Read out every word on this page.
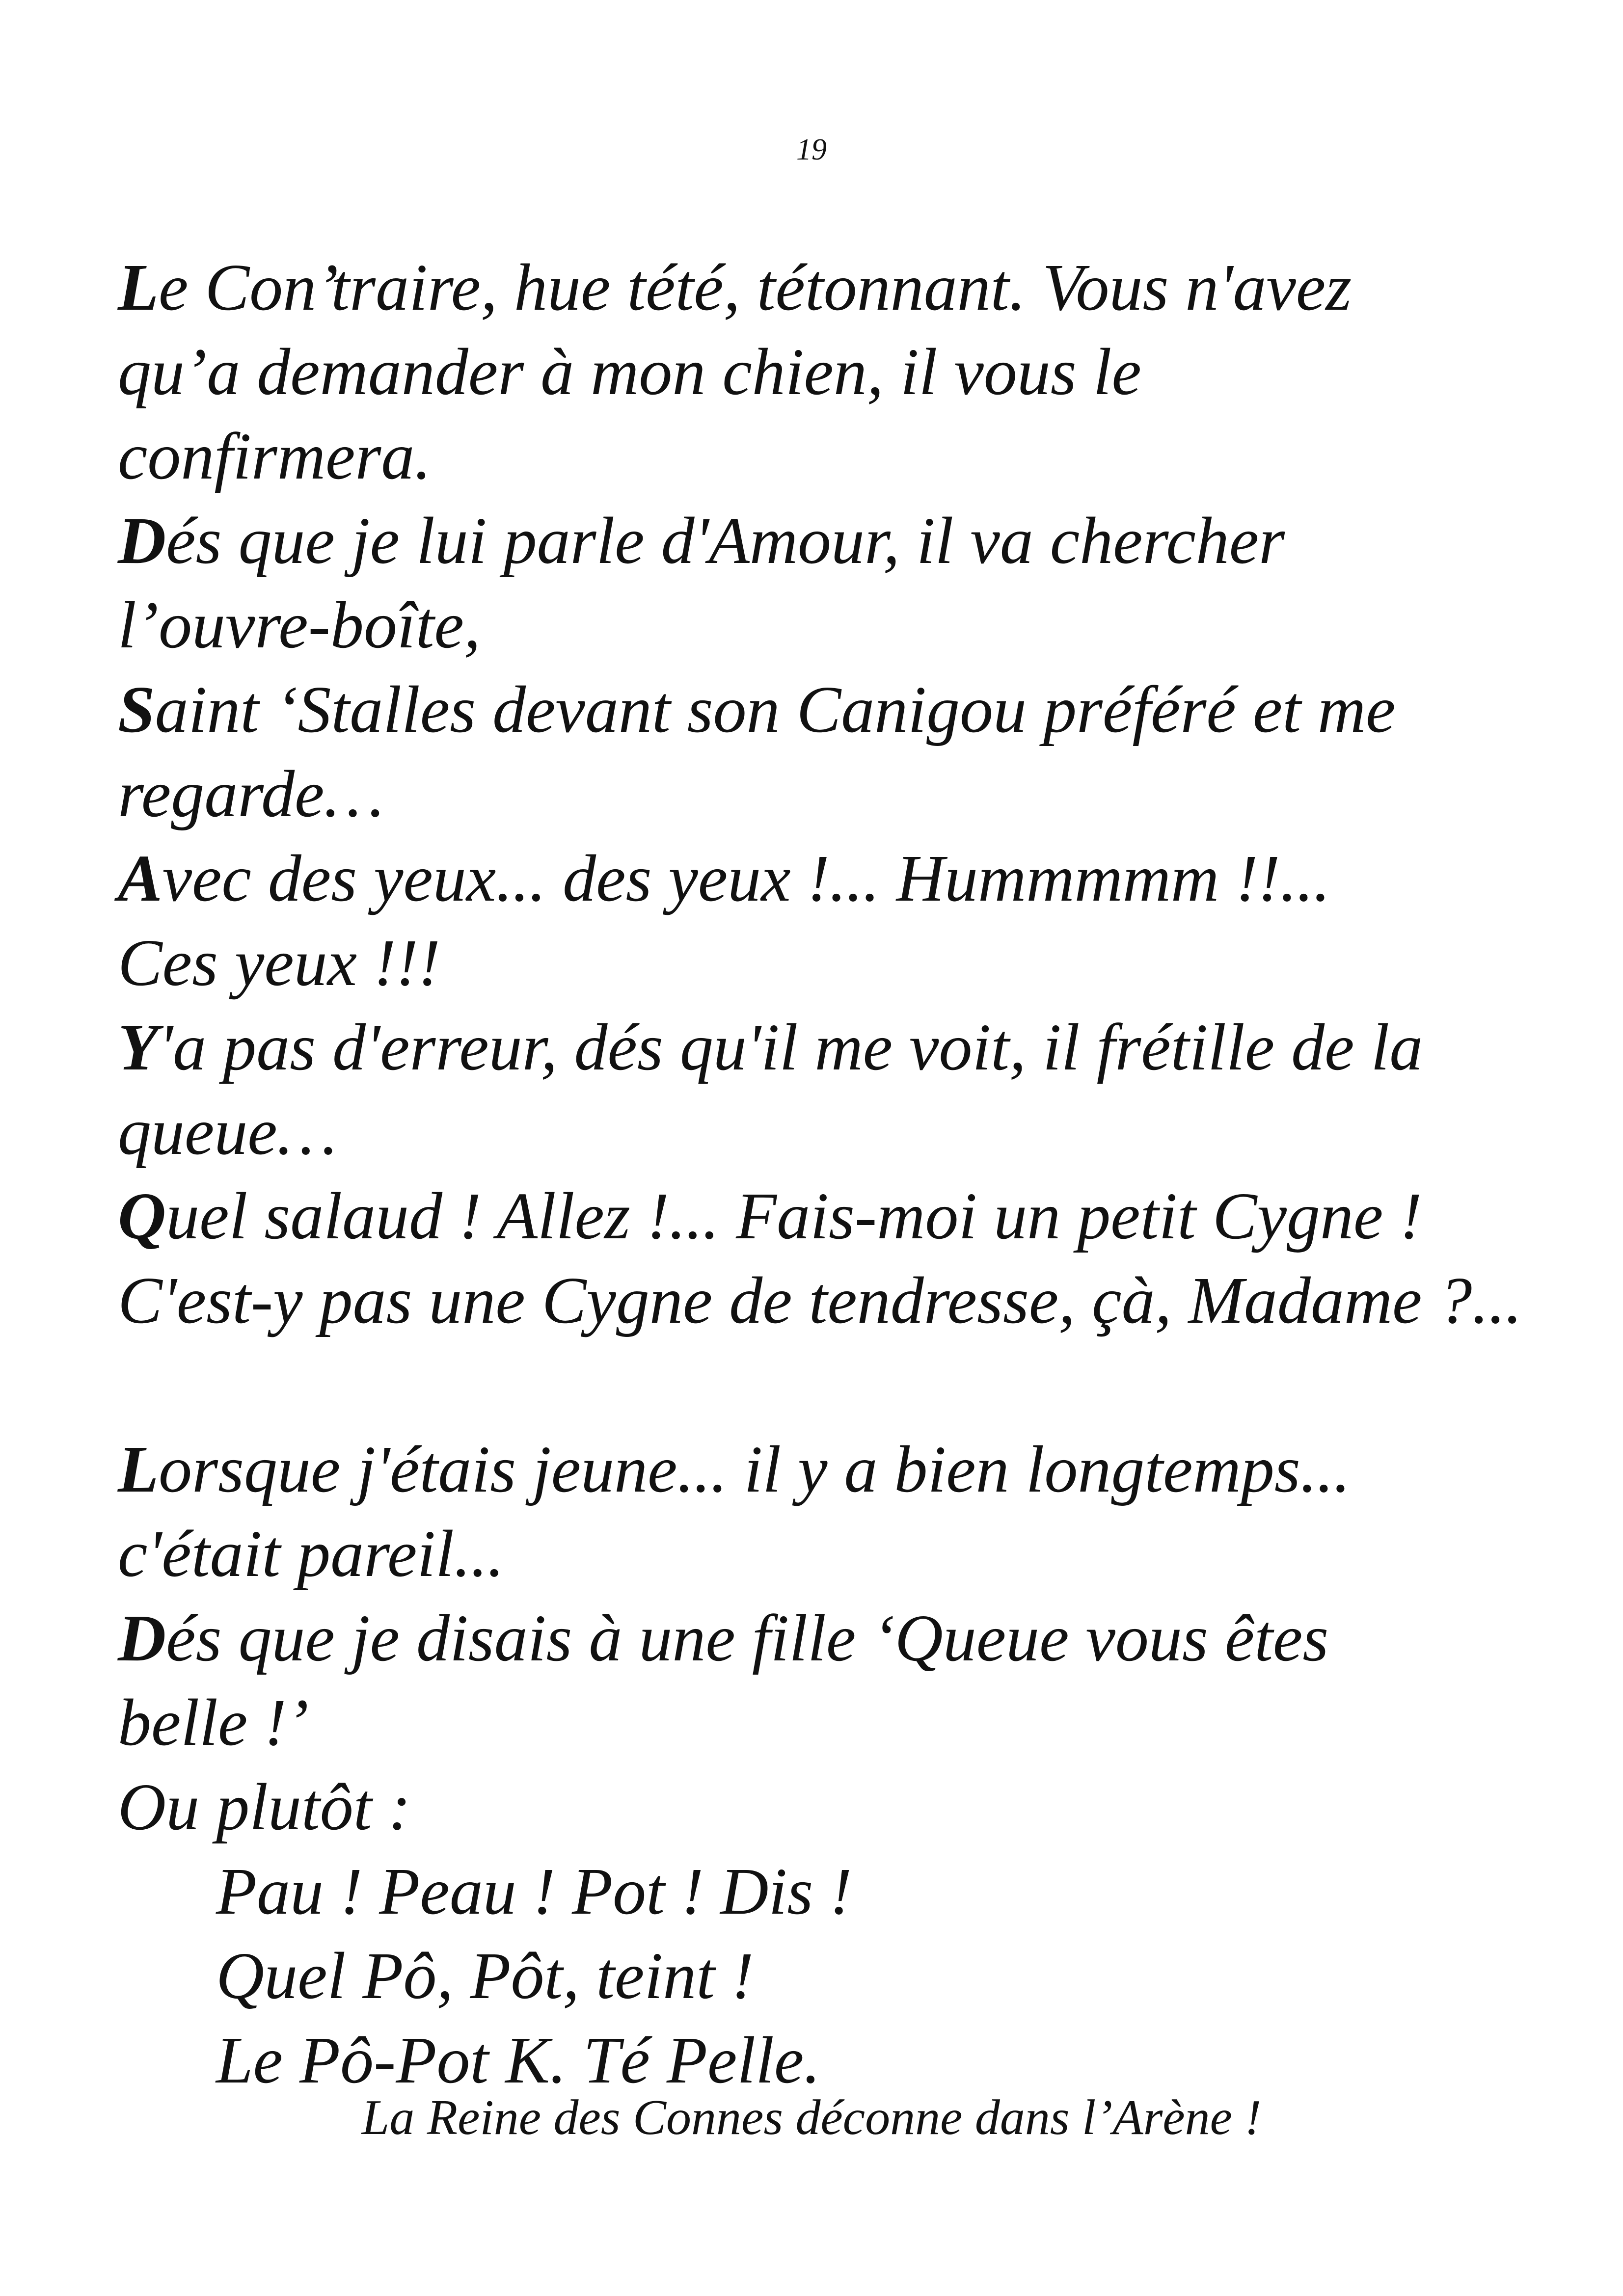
19
Le Con’traire, hue tété, tétonnant. Vous n'avez
qu’a demander à mon chien, il vous le
confirmera.
Dés que je lui parle d'Amour, il va chercher
l’ouvre-boîte,
Saint ‘Stalles devant son Canigou préféré et me
regarde…
Avec des yeux... des yeux !... Hummmmm !!...
Ces yeux !!!
Y'a pas d'erreur, dés qu'il me voit, il frétille de la
queue…
Quel salaud ! Allez !... Fais-moi un petit Cygne !
C'est-y pas une Cygne de tendresse, çà, Madame ?...
Lorsque j'étais jeune... il y a bien longtemps...
c'était pareil...
Dés que je disais à une fille ‘Queue vous êtes
belle !’
Ou plutôt :
Pau ! Peau ! Pot ! Dis !
Quel Pô, Pôt, teint !
Le Pô-Pot K. Té Pelle.
La Reine des Connes déconne dans l’Arène !
